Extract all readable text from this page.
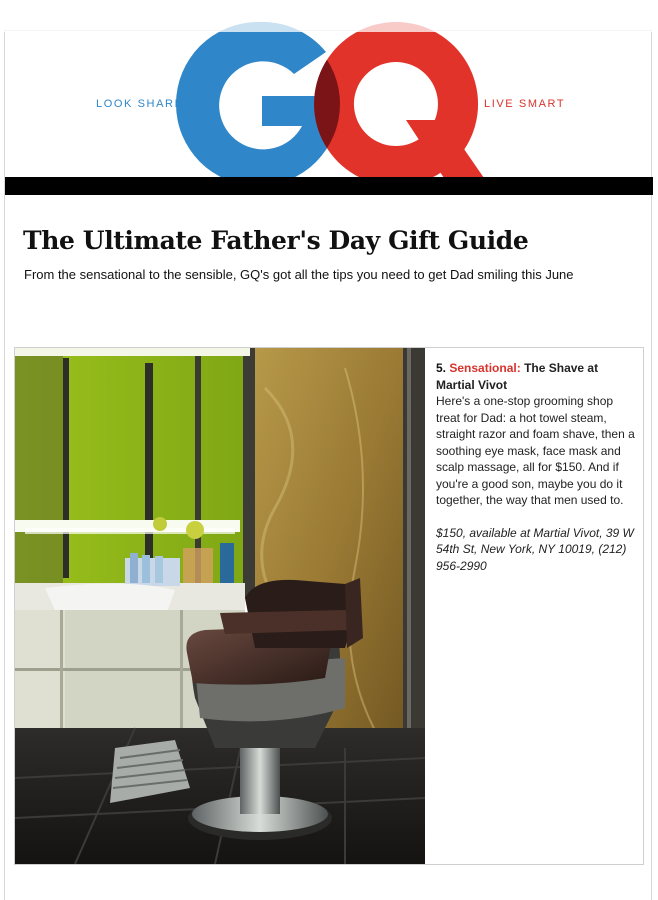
LOOK SHARP	LIVE SMART
The Ultimate Father's Day Gift Guide

From the sensational to the sensible, GQ's got all the tips you need to get Dad smiling this June

5. Sensational: The Shave at Martial Vivot

Here's a one-stop grooming shop treat for Dad: a hot towel steam, straight razor and foam shave, then a soothing eye mask, face mask and scalp massage, all for $150. And if you're a good son, maybe you do it together, the way that men used to.

$150, available at Martial Vivot, 39 W 54th St, New York, NY 10019, (212) 956-2990
